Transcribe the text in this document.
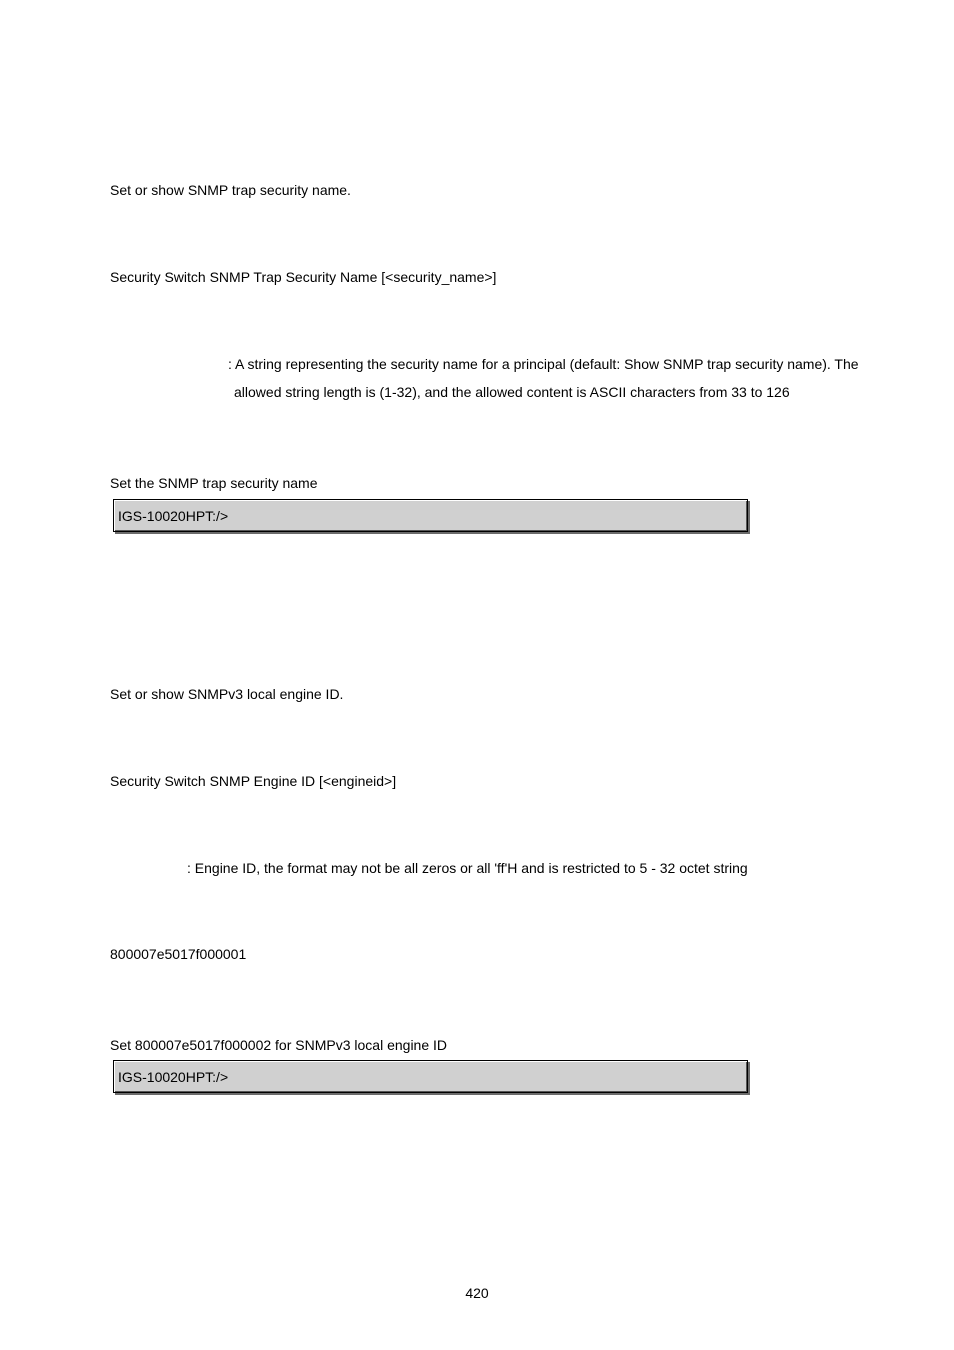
Set or show SNMP trap security name.
Security Switch SNMP Trap Security Name [<security_name>]
: A string representing the security name for a principal (default: Show SNMP trap security name). The
allowed string length is (1-32), and the allowed content is ASCII characters from 33 to 126
Set the SNMP trap security name
IGS-10020HPT:/>
Set or show SNMPv3 local engine ID.
Security Switch SNMP Engine ID [<engineid>]
: Engine ID, the format may not be all zeros or all 'ff'H and is restricted to 5 - 32 octet string
800007e5017f000001
Set 800007e5017f000002 for SNMPv3 local engine ID
IGS-10020HPT:/>
420
